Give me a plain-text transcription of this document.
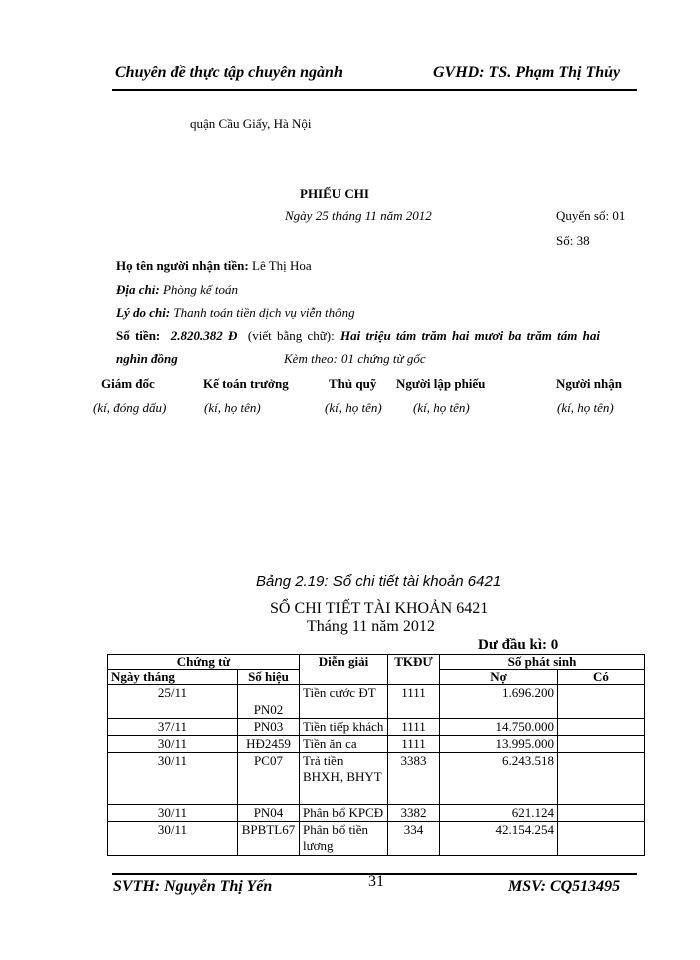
Chuyên đề thực tập chuyên ngành	GVHD: TS. Phạm Thị Thủy
quận Cầu Giấy, Hà Nội
PHIẾU CHI
Ngày 25 tháng 11 năm 2012	Quyển số: 01
Số: 38
Họ tên người nhận tiền: Lê Thị Hoa
Địa chỉ: Phòng kế toán
Lý do chi: Thanh toán tiền dịch vụ viễn thông
Số tiền: 2.820.382 Đ (viết bằng chữ): Hai triệu tám trăm hai mươi ba trăm tám hai
nghìn đồng	Kèm theo: 01 chứng từ gốc
Giám đốc	Kế toán trưởng	Thủ quỹ Người lập phiếu	Người nhận
(kí, đóng dấu)	(kí, họ tên)	(kí, họ tên) (kí, họ tên)	(kí, họ tên)
Bảng 2.19: Sổ chi tiết tài khoản 6421
SỔ CHI TIẾT TÀI KHOẢN 6421
Tháng 11 năm 2012
Dư đầu kì: 0
Chứng từ		Diễn giải	TKĐƯ	Số phát sinh	
Ngày tháng	Số hiệu			Nợ	Có
25/11	PN02	Tiền cước ĐT	1111	1.696.200	
37/11	PN03	Tiền tiếp khách	1111	14.750.000	
30/11	HĐ2459	Tiền ăn ca	1111	13.995.000	
30/11	PC07	Trả tiền BHXH, BHYT	3383	6.243.518	
30/11	PN04	Phân bổ KPCĐ	3382	621.124	
30/11	BPBTL67	Phân bổ tiền lương	334	42.154.254	
SVTH: Nguyễn Thị Yến	31	MSV: CQ513495
